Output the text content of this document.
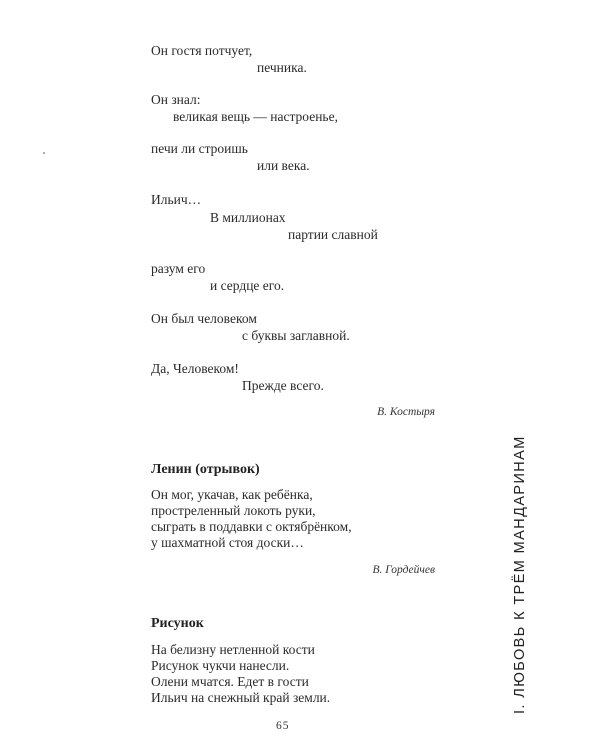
Он гостя потчует,
печника.
Он знал:
великая вещь — настроенье,
печи ли строишь
или века.
Ильич…
В миллионах
партии славной
разум его
и сердце его.
Он был человеком
с буквы заглавной.
Да, Человеком!
Прежде всего.
В. Костыря
Ленин (отрывок)
Он мог, укачав, как ребёнка,
простреленный локоть руки,
сыграть в поддавки с октябрёнком,
у шахматной стоя доски…
В. Гордейчев
Рисунок
На белизну нетленной кости
Рисунок чукчи нанесли.
Олени мчатся. Едет в гости
Ильич на снежный край земли.	I. ЛЮБОВЬ К ТРЁМ МАНДАРИНАМ
65
